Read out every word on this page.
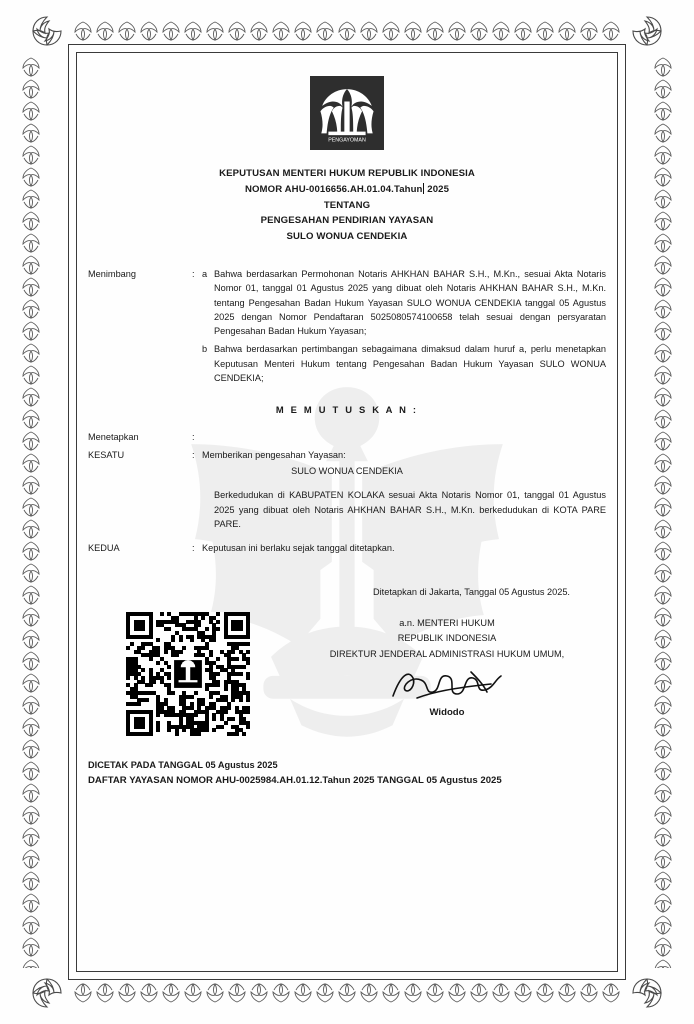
PENGAYOMAN
KEPUTUSAN MENTERI HUKUM REPUBLIK INDONESIA
NOMOR AHU-0016656.AH.01.04.Tahun 2025
TENTANG
PENGESAHAN PENDIRIAN YAYASAN
SULO WONUA CENDEKIA
Menimbang	: a Bahwa berdasarkan Permohonan Notaris AHKHAN BAHAR S.H., M.Kn., sesuai Akta Notaris Nomor 01, tanggal 01 Agustus 2025 yang dibuat oleh Notaris AHKHAN BAHAR S.H., M.Kn. tentang Pengesahan Badan Hukum Yayasan SULO WONUA CENDEKIA tanggal 05 Agustus 2025 dengan Nomor Pendaftaran 5025080574100658 telah sesuai dengan persyaratan Pengesahan Badan Hukum Yayasan;
b Bahwa berdasarkan pertimbangan sebagaimana dimaksud dalam huruf a, perlu menetapkan Keputusan Menteri Hukum tentang Pengesahan Badan Hukum Yayasan SULO WONUA CENDEKIA;
M E M U T U S K A N :
Menetapkan	:
KESATU	: Memberikan pengesahan Yayasan:
SULO WONUA CENDEKIA
Berkedudukan di KABUPATEN KOLAKA sesuai Akta Notaris Nomor 01, tanggal 01 Agustus 2025 yang dibuat oleh Notaris AHKHAN BAHAR S.H., M.Kn. berkedudukan di KOTA PARE PARE.
KEDUA	: Keputusan ini berlaku sejak tanggal ditetapkan.
Ditetapkan di Jakarta, Tanggal 05 Agustus 2025.
a.n. MENTERI HUKUM
REPUBLIK INDONESIA
DIREKTUR JENDERAL ADMINISTRASI HUKUM UMUM,
Widodo
DICETAK PADA TANGGAL 05 Agustus 2025
DAFTAR YAYASAN NOMOR AHU-0025984.AH.01.12.Tahun 2025 TANGGAL 05 Agustus 2025
